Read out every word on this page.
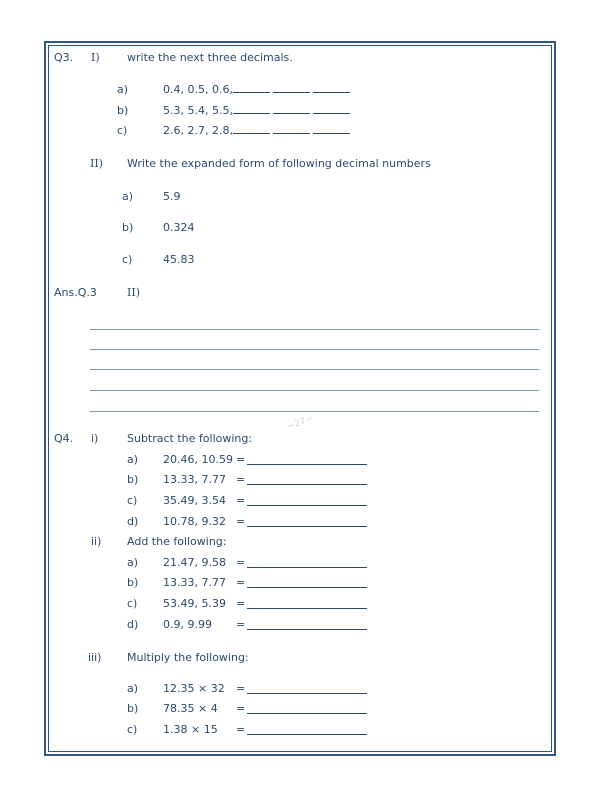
Q3. I) write the next three decimals.
a)	0.4, 0.5, 0.6,
b)	5.3, 5.4, 5.5,
c)	2.6, 2.7, 2.8,
II) Write the expanded form of following decimal numbers
a)	5.9
b)	0.324
c)	45.83
Ans.Q.3	II)
~27~
Q4. i)	Subtract the following:
a) 20.46, 10.59 =
b) 13.33, 7.77 =
c) 35.49, 3.54 =
d) 10.78, 9.32 =
ii) Add the following:
a) 21.47, 9.58 =
b) 13.33, 7.77 =
c) 53.49, 5.39 =
d) 0.9, 9.99 =
iii) Multiply the following:
a) 12.35 × 32 =
b) 78.35 × 4 =
c) 1.38 × 15 =
